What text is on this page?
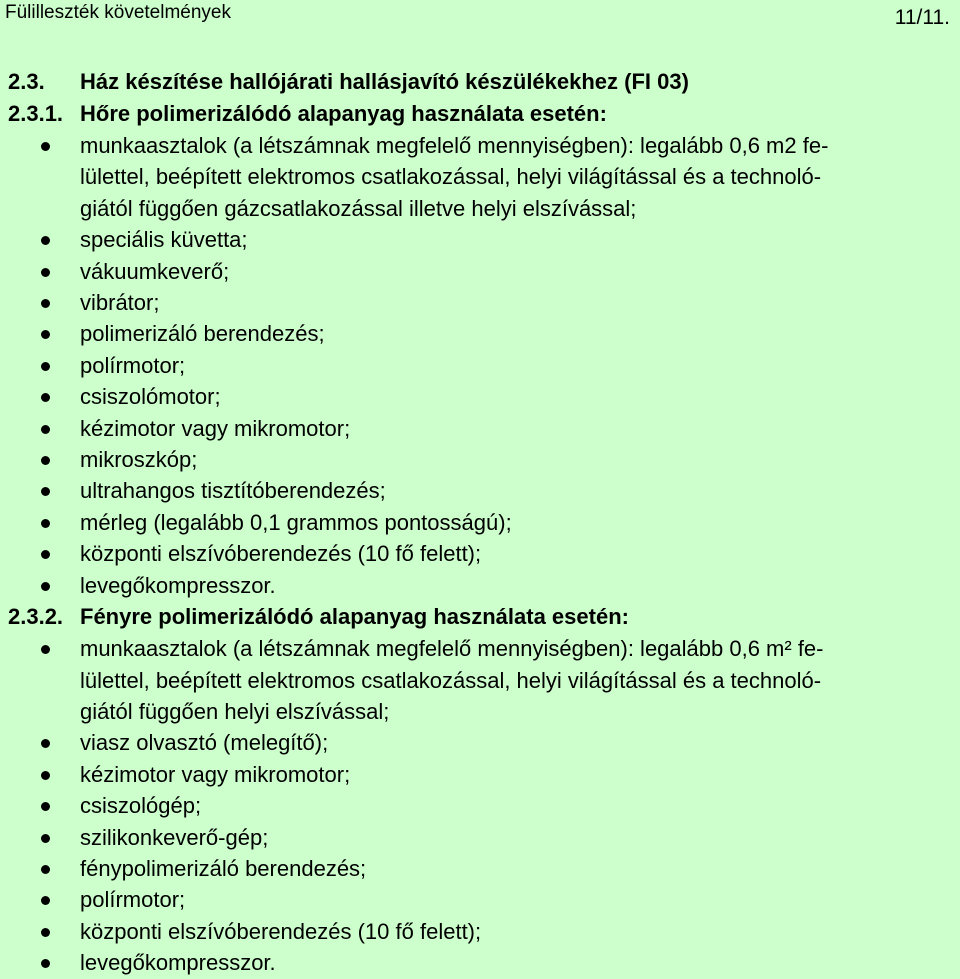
Fülilleszték követelmények	11/11.
2.3. Ház készítése hallójárati hallásjavító készülékekhez (FI 03)
2.3.1. Hőre polimerizálódó alapanyag használata esetén:
munkaasztalok (a létszámnak megfelelő mennyiségben): legalább 0,6 m2 fe-
lülettel, beépített elektromos csatlakozással, helyi világítással és a technoló-
giától függően gázcsatlakozással illetve helyi elszívással;
speciális küvetta;
vákuumkeverő;
vibrátor;
polimerizáló berendezés;
polírmotor;
csiszolómotor;
kézimotor vagy mikromotor;
mikroszkóp;
ultrahangos tisztítóberendezés;
mérleg (legalább 0,1 grammos pontosságú);
központi elszívóberendezés (10 fő felett);
levegőkompresszor.
2.3.2. Fényre polimerizálódó alapanyag használata esetén:
munkaasztalok (a létszámnak megfelelő mennyiségben): legalább 0,6 m² fe-
lülettel, beépített elektromos csatlakozással, helyi világítással és a technoló-
giától függően helyi elszívással;
viasz olvasztó (melegítő);
kézimotor vagy mikromotor;
csiszológép;
szilikonkeverő-gép;
fénypolimerizáló berendezés;
polírmotor;
központi elszívóberendezés (10 fő felett);
levegőkompresszor.
